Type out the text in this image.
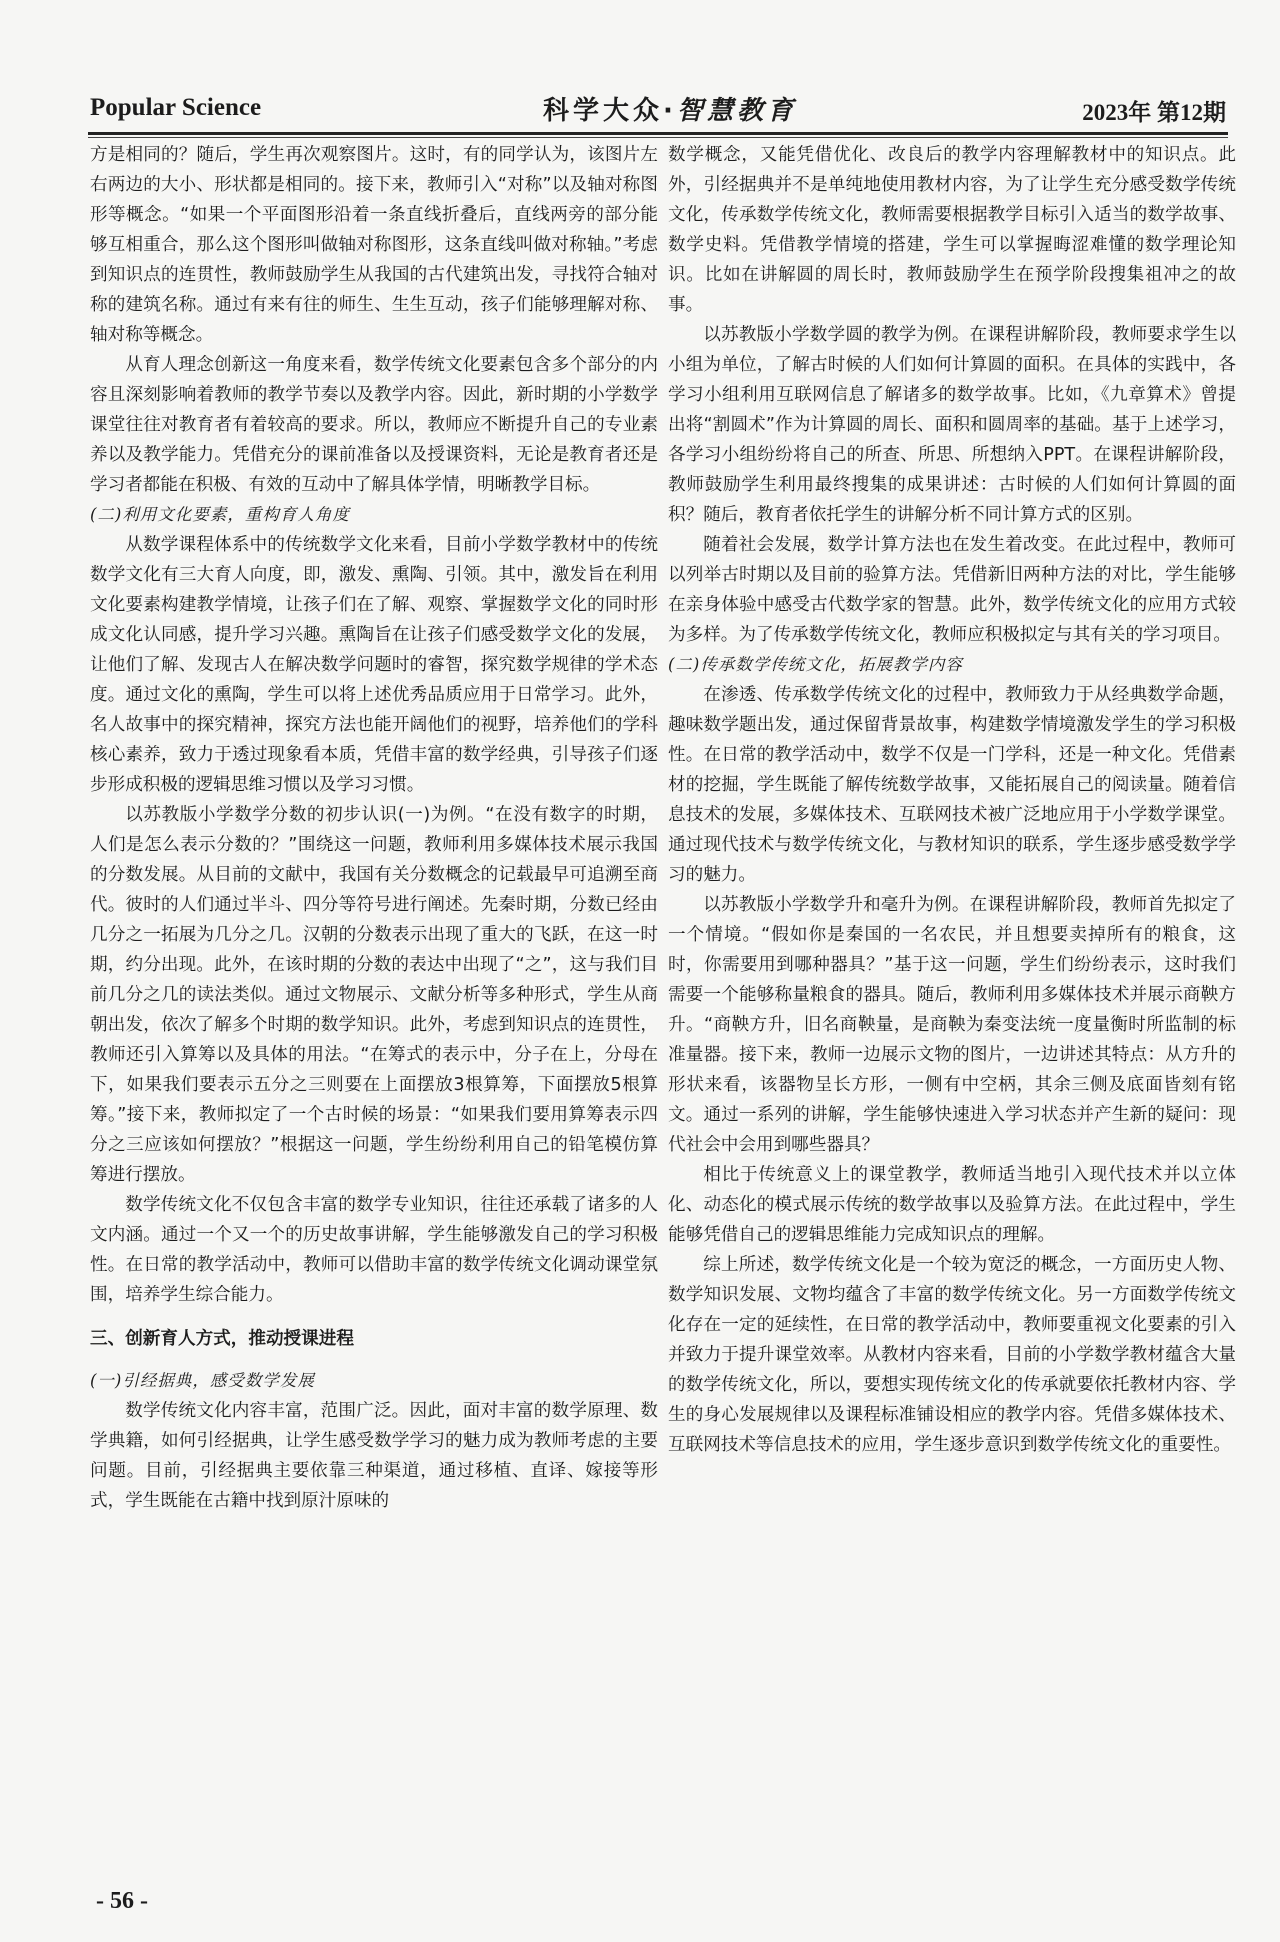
Popular Science	科学大众·智慧教育	2023年 第12期

方是相同的？随后，学生再次观察图片。这时，有的同学认为，该图片左右两边的大小、形状都是相同的。接下来，教师引入“对称”以及轴对称图形等概念。“如果一个平面图形沿着一条直线折叠后，直线两旁的部分能够互相重合，那么这个图形叫做轴对称图形，这条直线叫做对称轴。”考虑到知识点的连贯性，教师鼓励学生从我国的古代建筑出发，寻找符合轴对称的建筑名称。通过有来有往的师生、生生互动，孩子们能够理解对称、轴对称等概念。

从育人理念创新这一角度来看，数学传统文化要素包含多个部分的内容且深刻影响着教师的教学节奏以及教学内容。因此，新时期的小学数学课堂往往对教育者有着较高的要求。所以，教师应不断提升自己的专业素养以及教学能力。凭借充分的课前准备以及授课资料，无论是教育者还是学习者都能在积极、有效的互动中了解具体学情，明晰教学目标。

(二)利用文化要素，重构育人角度

从数学课程体系中的传统数学文化来看，目前小学数学教材中的传统数学文化有三大育人向度，即，激发、熏陶、引领。其中，激发旨在利用文化要素构建教学情境，让孩子们在了解、观察、掌握数学文化的同时形成文化认同感，提升学习兴趣。熏陶旨在让孩子们感受数学文化的发展，让他们了解、发现古人在解决数学问题时的睿智，探究数学规律的学术态度。通过文化的熏陶，学生可以将上述优秀品质应用于日常学习。此外，名人故事中的探究精神，探究方法也能开阔他们的视野，培养他们的学科核心素养，致力于透过现象看本质，凭借丰富的数学经典，引导孩子们逐步形成积极的逻辑思维习惯以及学习习惯。

以苏教版小学数学分数的初步认识(一)为例。“在没有数字的时期，人们是怎么表示分数的？”围绕这一问题，教师利用多媒体技术展示我国的分数发展。从目前的文献中，我国有关分数概念的记载最早可追溯至商代。彼时的人们通过半斗、四分等符号进行阐述。先秦时期，分数已经由几分之一拓展为几分之几。汉朝的分数表示出现了重大的飞跃，在这一时期，约分出现。此外，在该时期的分数的表达中出现了“之”，这与我们目前几分之几的读法类似。通过文物展示、文献分析等多种形式，学生从商朝出发，依次了解多个时期的数学知识。此外，考虑到知识点的连贯性，教师还引入算筹以及具体的用法。“在筹式的表示中，分子在上，分母在下，如果我们要表示五分之三则要在上面摆放3根算筹，下面摆放5根算筹。”接下来，教师拟定了一个古时候的场景：“如果我们要用算筹表示四分之三应该如何摆放？”根据这一问题，学生纷纷利用自己的铅笔模仿算筹进行摆放。

数学传统文化不仅包含丰富的数学专业知识，往往还承载了诸多的人文内涵。通过一个又一个的历史故事讲解，学生能够激发自己的学习积极性。在日常的教学活动中，教师可以借助丰富的数学传统文化调动课堂氛围，培养学生综合能力。

三、创新育人方式，推动授课进程

(一)引经据典，感受数学发展

数学传统文化内容丰富，范围广泛。因此，面对丰富的数学原理、数学典籍，如何引经据典，让学生感受数学学习的魅力成为教师考虑的主要问题。目前，引经据典主要依靠三种渠道，通过移植、直译、嫁接等形式，学生既能在古籍中找到原汁原味的

数学概念，又能凭借优化、改良后的教学内容理解教材中的知识点。此外，引经据典并不是单纯地使用教材内容，为了让学生充分感受数学传统文化，传承数学传统文化，教师需要根据教学目标引入适当的数学故事、数学史料。凭借教学情境的搭建，学生可以掌握晦涩难懂的数学理论知识。比如在讲解圆的周长时，教师鼓励学生在预学阶段搜集祖冲之的故事。

以苏教版小学数学圆的教学为例。在课程讲解阶段，教师要求学生以小组为单位，了解古时候的人们如何计算圆的面积。在具体的实践中，各学习小组利用互联网信息了解诸多的数学故事。比如，《九章算术》曾提出将“割圆术”作为计算圆的周长、面积和圆周率的基础。基于上述学习，各学习小组纷纷将自己的所查、所思、所想纳入PPT。在课程讲解阶段，教师鼓励学生利用最终搜集的成果讲述：古时候的人们如何计算圆的面积？随后，教育者依托学生的讲解分析不同计算方式的区别。

随着社会发展，数学计算方法也在发生着改变。在此过程中，教师可以列举古时期以及目前的验算方法。凭借新旧两种方法的对比，学生能够在亲身体验中感受古代数学家的智慧。此外，数学传统文化的应用方式较为多样。为了传承数学传统文化，教师应积极拟定与其有关的学习项目。

(二)传承数学传统文化，拓展教学内容

在渗透、传承数学传统文化的过程中，教师致力于从经典数学命题，趣味数学题出发，通过保留背景故事，构建数学情境激发学生的学习积极性。在日常的教学活动中，数学不仅是一门学科，还是一种文化。凭借素材的挖掘，学生既能了解传统数学故事，又能拓展自己的阅读量。随着信息技术的发展，多媒体技术、互联网技术被广泛地应用于小学数学课堂。通过现代技术与数学传统文化，与教材知识的联系，学生逐步感受数学学习的魅力。

以苏教版小学数学升和毫升为例。在课程讲解阶段，教师首先拟定了一个情境。“假如你是秦国的一名农民，并且想要卖掉所有的粮食，这时，你需要用到哪种器具？”基于这一问题，学生们纷纷表示，这时我们需要一个能够称量粮食的器具。随后，教师利用多媒体技术并展示商鞅方升。“商鞅方升，旧名商鞅量，是商鞅为秦变法统一度量衡时所监制的标准量器。接下来，教师一边展示文物的图片，一边讲述其特点：从方升的形状来看，该器物呈长方形，一侧有中空柄，其余三侧及底面皆刻有铭文。通过一系列的讲解，学生能够快速进入学习状态并产生新的疑问：现代社会中会用到哪些器具？

相比于传统意义上的课堂教学，教师适当地引入现代技术并以立体化、动态化的模式展示传统的数学故事以及验算方法。在此过程中，学生能够凭借自己的逻辑思维能力完成知识点的理解。

综上所述，数学传统文化是一个较为宽泛的概念，一方面历史人物、数学知识发展、文物均蕴含了丰富的数学传统文化。另一方面数学传统文化存在一定的延续性，在日常的教学活动中，教师要重视文化要素的引入并致力于提升课堂效率。从教材内容来看，目前的小学数学教材蕴含大量的数学传统文化，所以，要想实现传统文化的传承就要依托教材内容、学生的身心发展规律以及课程标准铺设相应的教学内容。凭借多媒体技术、互联网技术等信息技术的应用，学生逐步意识到数学传统文化的重要性。

- 56 -
